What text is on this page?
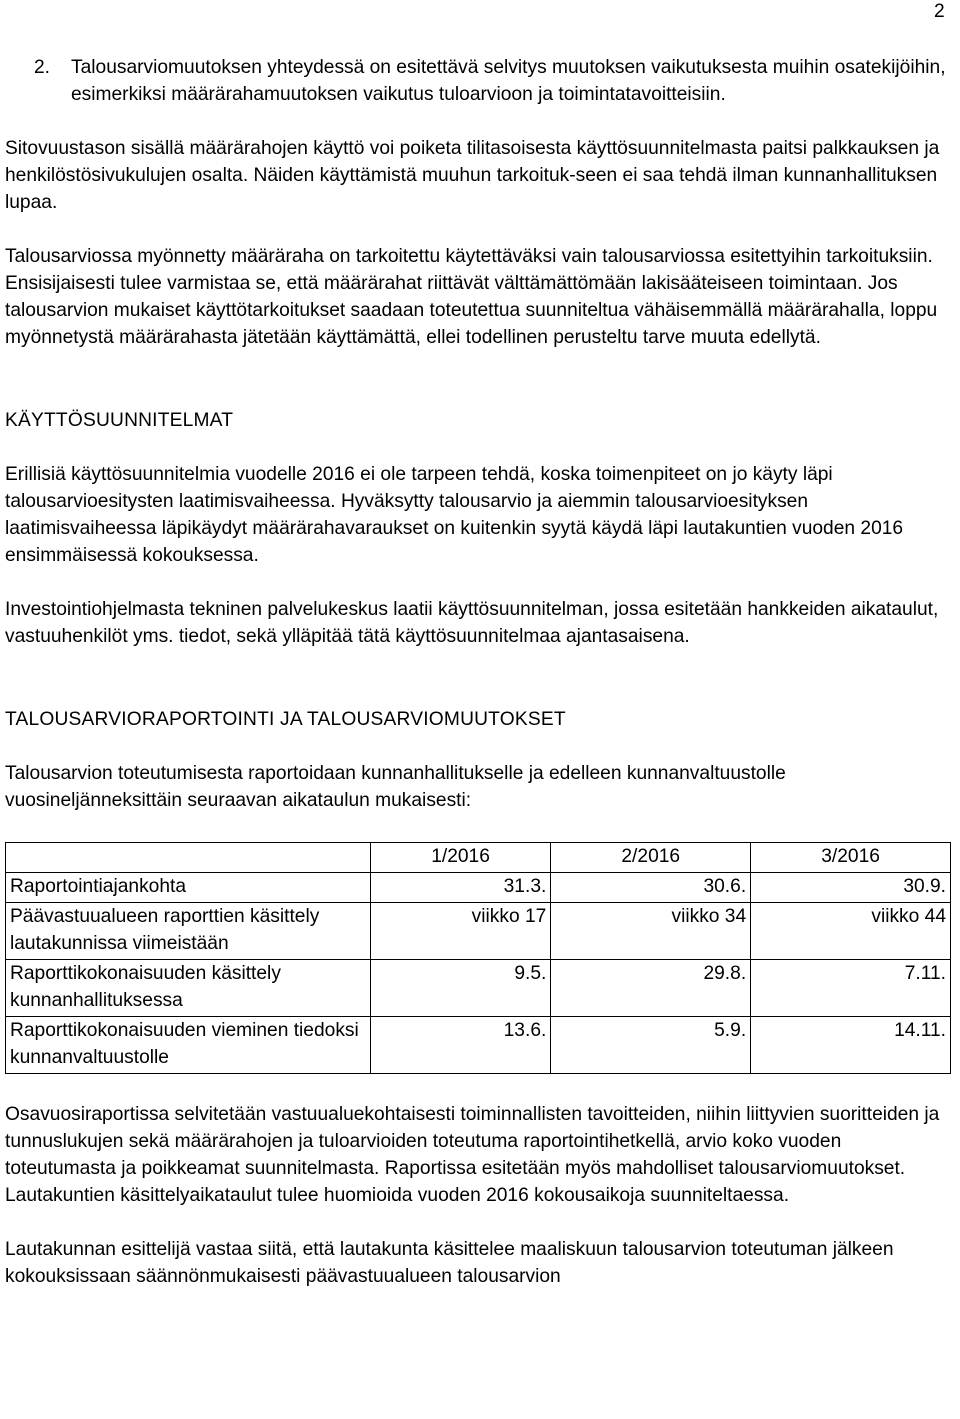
2
2.	Talousarviomuutoksen yhteydessä on esitettävä selvitys muutoksen vaikutuksesta muihin osatekijöihin, esimerkiksi määrärahamuutoksen vaikutus tuloarvioon ja toimintatavoitteisiin.

Sitovuustason sisällä määrärahojen käyttö voi poiketa tilitasoisesta käyttösuunnitelmasta paitsi palkkauksen ja henkilöstösivukulujen osalta. Näiden käyttämistä muuhun tarkoituk-seen ei saa tehdä ilman kunnanhallituksen lupaa.

Talousarviossa myönnetty määräraha on tarkoitettu käytettäväksi vain talousarviossa esitettyihin tarkoituksiin. Ensisijaisesti tulee varmistaa se, että määrärahat riittävät välttämättömään lakisääteiseen toimintaan. Jos talousarvion mukaiset käyttötarkoitukset saadaan toteutettua suunniteltua vähäisemmällä määrärahalla, loppu myönnetystä määrärahasta jätetään käyttämättä, ellei todellinen perusteltu tarve muuta edellytä.

KÄYTTÖSUUNNITELMAT

Erillisiä käyttösuunnitelmia vuodelle 2016 ei ole tarpeen tehdä, koska toimenpiteet on jo käyty läpi talousarvioesitysten laatimisvaiheessa. Hyväksytty talousarvio ja aiemmin talousarvioesityksen laatimisvaiheessa läpikäydyt määrärahavaraukset on kuitenkin syytä käydä läpi lautakuntien vuoden 2016 ensimmäisessä kokouksessa.

Investointiohjelmasta tekninen palvelukeskus laatii käyttösuunnitelman, jossa esitetään hankkeiden aikataulut, vastuuhenkilöt yms. tiedot, sekä ylläpitää tätä käyttösuunnitelmaa ajantasaisena.

TALOUSARVIORAPORTOINTI JA TALOUSARVIOMUUTOKSET

Talousarvion toteutumisesta raportoidaan kunnanhallitukselle ja edelleen kunnanvaltuustolle vuosineljänneksittäin seuraavan aikataulun mukaisesti:

	1/2016	2/2016	3/2016
Raportointiajankohta	31.3.	30.6.	30.9.
Päävastuualueen raporttien käsittely lautakunnissa viimeistään	viikko 17	viikko 34	viikko 44
Raporttikokonaisuuden käsittely kunnanhallituksessa	9.5.	29.8.	7.11.
Raporttikokonaisuuden vieminen tiedoksi kunnanvaltuustolle	13.6.	5.9.	14.11.

Osavuosiraportissa selvitetään vastuualuekohtaisesti toiminnallisten tavoitteiden, niihin liittyvien suoritteiden ja tunnuslukujen sekä määrärahojen ja tuloarvioiden toteutuma raportointihetkellä, arvio koko vuoden toteutumasta ja poikkeamat suunnitelmasta. Raportissa esitetään myös mahdolliset talousarviomuutokset. Lautakuntien käsittelyaikataulut tulee huomioida vuoden 2016 kokousaikoja suunniteltaessa.

Lautakunnan esittelijä vastaa siitä, että lautakunta käsittelee maaliskuun talousarvion toteutuman jälkeen kokouksissaan säännönmukaisesti päävastuualueen talousarvion
